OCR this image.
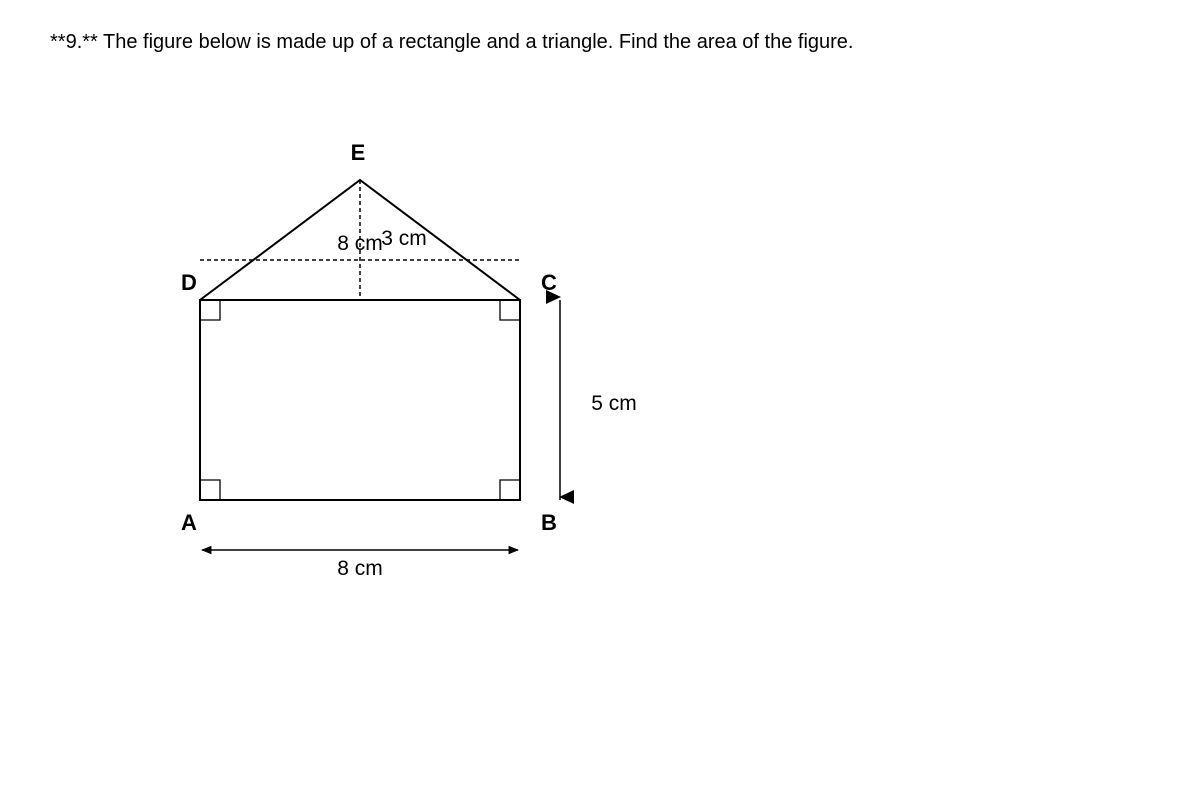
**9.** The figure below is made up of a rectangle and a triangle. Find the area of the figure.
E
D	C
A	B
8 cm
3 cm
5 cm
8 cm
